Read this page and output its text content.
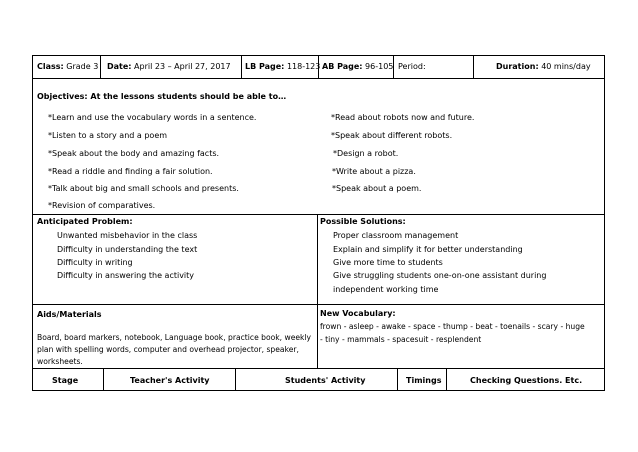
Class: Grade 3 Date: April 23 – April 27, 2017 LB Page: 118-123 AB Page: 96-105 Period:	Duration: 40 mins/day
Objectives: At the lessons students should be able to…
*Learn and use the vocabulary words in a sentence.
*Listen to a story and a poem
*Speak about the body and amazing facts.
*Read a riddle and finding a fair solution.
*Talk about big and small schools and presents.
*Revision of comparatives.
*Read about robots now and future.
*Speak about different robots.
*Design a robot.
*Write about a pizza.
*Speak about a poem.
Anticipated Problem:
Unwanted misbehavior in the class
Difficulty in understanding the text
Difficulty in writing
Difficulty in answering the activity
Possible Solutions:
Proper classroom management
Explain and simplify it for better understanding
Give more time to students
Give struggling students one-on-one assistant during
independent working time
Aids/Materials
Board, board markers, notebook, Language book, practice book, weekly
plan with spelling words, computer and overhead projector, speaker,
worksheets.
New Vocabulary:
frown - asleep - awake - space - thump - beat - toenails - scary - huge
- tiny - mammals - spacesuit - resplendent
Stage	Teacher's Activity	Students' Activity	Timings	Checking Questions. Etc.
